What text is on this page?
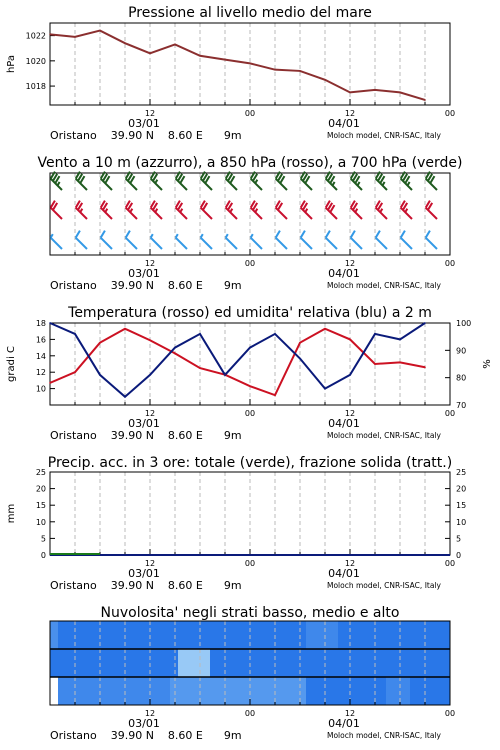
Pressione al livello medio del mare
12	00	12	00
03/01	04/01
1018
1020
1022
hPa
Oristano    39.90 N    8.60 E      9m	Moloch model, CNR-ISAC, Italy
Vento a 10 m (azzurro), a 850 hPa (rosso), a 700 hPa (verde)
12	00	12	00
03/01	04/01
Oristano    39.90 N    8.60 E      9m	Moloch model, CNR-ISAC, Italy
Temperatura (rosso) ed umidita' relativa (blu) a 2 m
12	00	12	00
03/01	04/01
10
12
14
16
18
70
80
90
100
gradi C	%
Oristano    39.90 N    8.60 E      9m	Moloch model, CNR-ISAC, Italy
Precip. acc. in 3 ore: totale (verde), frazione solida (tratt.)
12	00	12	00
03/01	04/01
0	0
5	5
10	10
15	15
20	20
25	25
mm
Oristano    39.90 N    8.60 E      9m	Moloch model, CNR-ISAC, Italy
Nuvolosita' negli strati basso, medio e alto
12	00	12	00
03/01	04/01
Oristano    39.90 N    8.60 E      9m	Moloch model, CNR-ISAC, Italy
